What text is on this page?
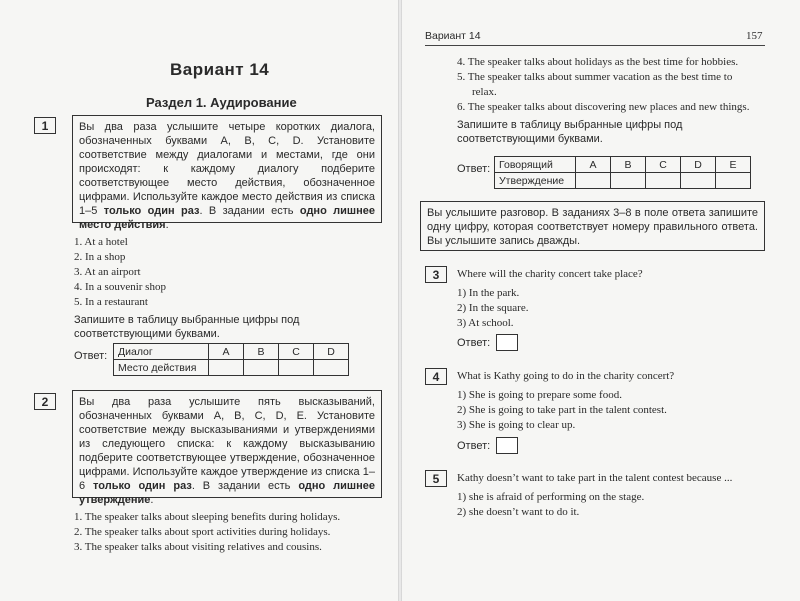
Вариант 14
Раздел 1. Аудирование
1	Вы два раза услышите четыре коротких диалога, обозначенных буквами A, B, C, D. Установите соответствие между диалогами и местами, где они происходят: к каждому диалогу подберите соответствующее место действия, обозначенное цифрами. Используйте каждое место действия из списка 1–5 только один раз. В задании есть одно лишнее место действия.
1. At a hotel
2. In a shop
3. At an airport
4. In a souvenir shop
5. In a restaurant
Запишите в таблицу выбранные цифры под соответствующими буквами.
Ответ: Диалог	A	B	C	D
Место действия				
2	Вы два раза услышите пять высказываний, обозначенных буквами A, B, C, D, E. Установите соответствие между высказываниями и утверждениями из следующего списка: к каждому высказыванию подберите соответствующее утверждение, обозначенное цифрами. Используйте каждое утверждение из списка 1–6 только один раз. В задании есть одно лишнее утверждение.
1. The speaker talks about sleeping benefits during holidays.
2. The speaker talks about sport activities during holidays.
3. The speaker talks about visiting relatives and cousins.
Вариант 14	157
4. The speaker talks about holidays as the best time for hobbies.
5. The speaker talks about summer vacation as the best time to
relax.
6. The speaker talks about discovering new places and new things.
Запишите в таблицу выбранные цифры под соответствующими буквами.
Ответ: Говорящий	A	B	C	D	E
Утверждение					
Вы услышите разговор. В заданиях 3–8 в поле ответа запишите одну цифру, которая соответствует номеру правильного ответа. Вы услышите запись дважды.
3	Where will the charity concert take place?
1) In the park.
2) In the square.
3) At school.
Ответ:
4	What is Kathy going to do in the charity concert?
1) She is going to prepare some food.
2) She is going to take part in the talent contest.
3) She is going to clear up.
Ответ:
5	Kathy doesn’t want to take part in the talent contest because ...
1) she is afraid of performing on the stage.
2) she doesn’t want to do it.
